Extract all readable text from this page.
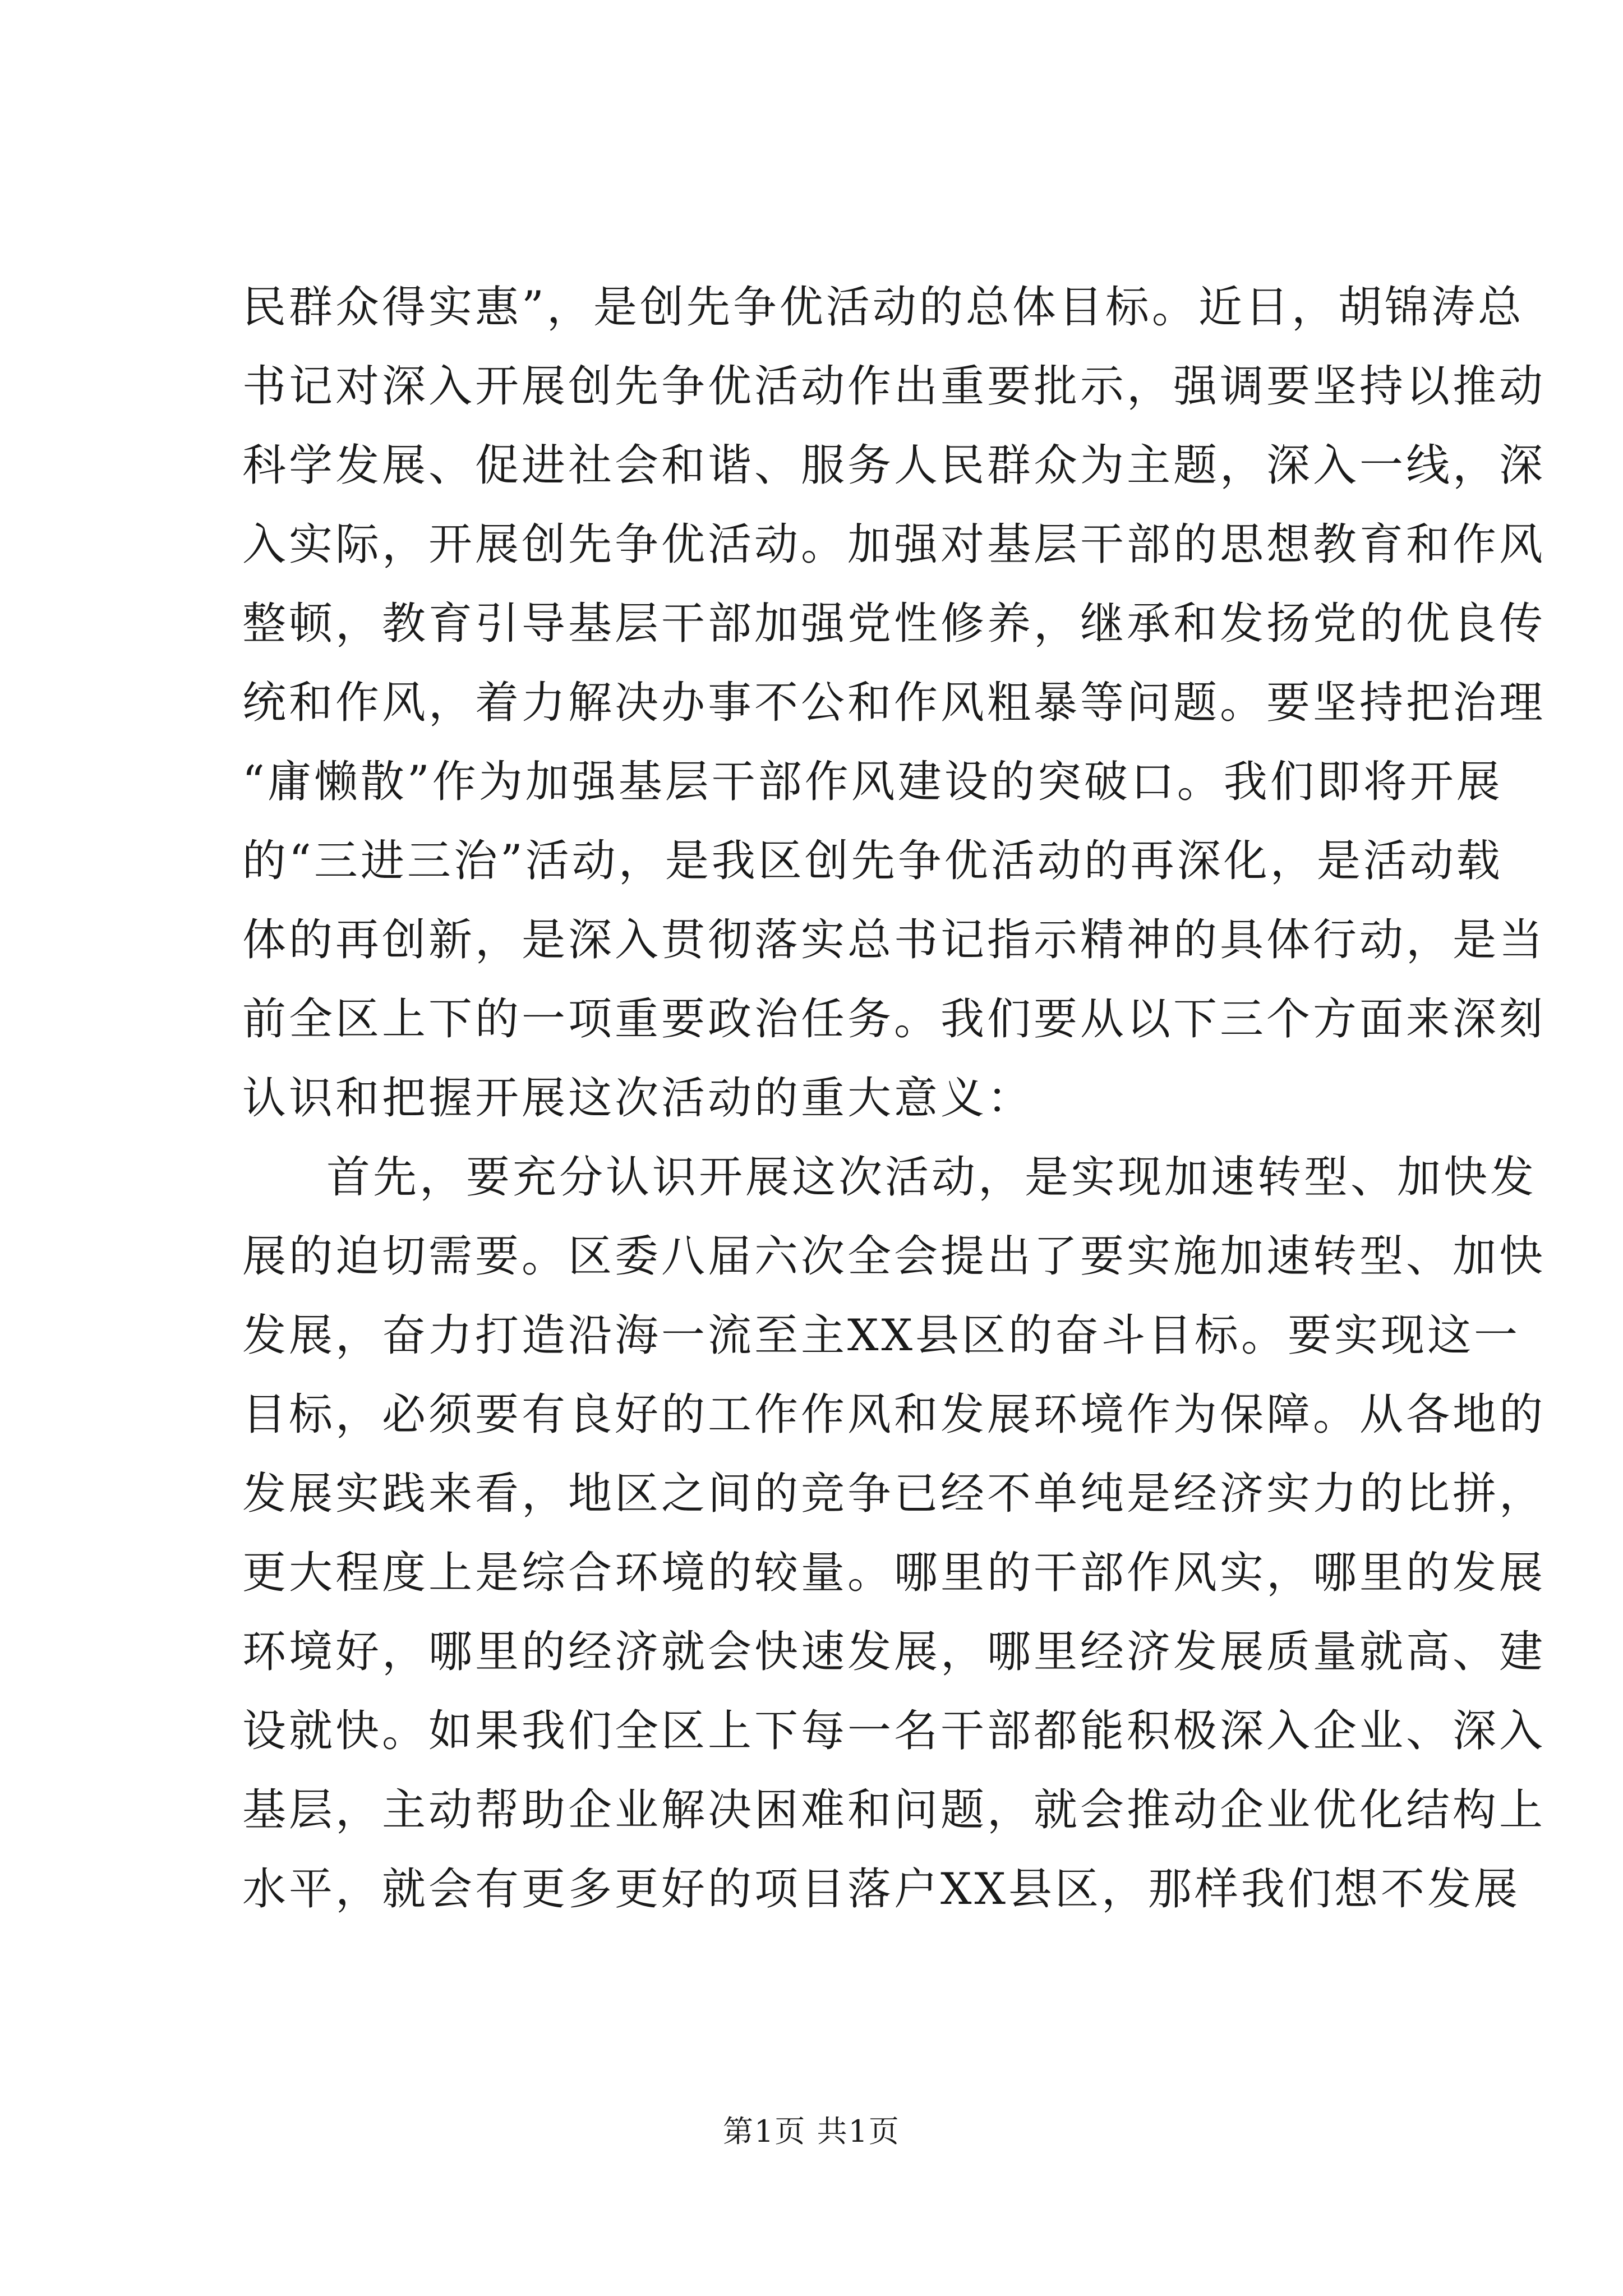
民群众得实惠”，是创先争优活动的总体目标。近日，胡锦涛总
书记对深入开展创先争优活动作出重要批示，强调要坚持以推动
科学发展、促进社会和谐、服务人民群众为主题，深入一线，深
入实际，开展创先争优活动。加强对基层干部的思想教育和作风
整顿，教育引导基层干部加强党性修养，继承和发扬党的优良传
统和作风，着力解决办事不公和作风粗暴等问题。要坚持把治理
“庸懒散”作为加强基层干部作风建设的突破口。我们即将开展
的“三进三治”活动，是我区创先争优活动的再深化，是活动载
体的再创新，是深入贯彻落实总书记指示精神的具体行动，是当
前全区上下的一项重要政治任务。我们要从以下三个方面来深刻
认识和把握开展这次活动的重大意义：
首先，要充分认识开展这次活动，是实现加速转型、加快发
展的迫切需要。区委八届六次全会提出了要实施加速转型、加快
发展，奋力打造沿海一流至主XX县区的奋斗目标。要实现这一
目标，必须要有良好的工作作风和发展环境作为保障。从各地的
发展实践来看，地区之间的竞争已经不单纯是经济实力的比拼，
更大程度上是综合环境的较量。哪里的干部作风实，哪里的发展
环境好，哪里的经济就会快速发展，哪里经济发展质量就高、建
设就快。如果我们全区上下每一名干部都能积极深入企业、深入
基层，主动帮助企业解决困难和问题，就会推动企业优化结构上
水平，就会有更多更好的项目落户XX县区，那样我们想不发展
第1页 共1页
